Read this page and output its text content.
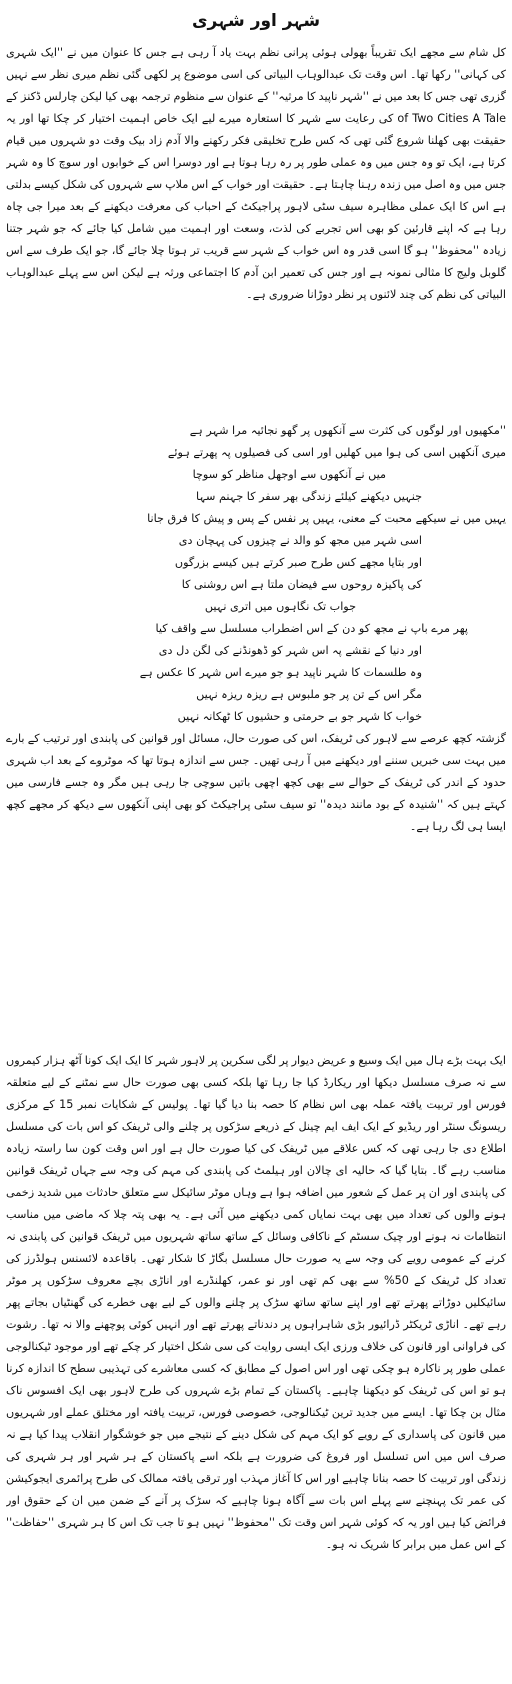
شہر اور شہری

کل شام سے مجھے ایک تقریباً بھولی ہوئی پرانی نظم بہت یاد آ رہی ہے جس کا عنوان میں نے ''ایک شہری کی کہانی'' رکھا تھا۔ اس وقت تک عبدالوہاب البیاتی کی اسی موضوع پر لکھی گئی نظم میری نظر سے نہیں گزری تھی جس کا بعد میں نے ''شہر ناپید کا مرثیہ'' کے عنوان سے منظوم ترجمہ بھی کیا لیکن چارلس ڈکنز کے of Two Cities A Tale کی رعایت سے شہر کا استعارہ میرے لیے ایک خاص اہمیت اختیار کر چکا تھا اور یہ حقیقت بھی کھلنا شروع گئی تھی کہ کس طرح تخلیقی فکر رکھنے والا آدم زاد بیک وقت دو شہروں میں قیام کرتا ہے، ایک تو وہ جس میں وہ عملی طور پر رہ رہا ہوتا ہے اور دوسرا اس کے خوابوں اور سوچ کا وہ شہر جس میں وہ اصل میں زندہ رہنا چاہتا ہے۔ حقیقت اور خواب کے اس ملاپ سے شہروں کی شکل کیسے بدلتی ہے اس کا ایک عملی مظاہرہ سیف سٹی لاہور پراجیکٹ کے احباب کی معرفت دیکھنے کے بعد میرا جی چاہ رہا ہے کہ اپنے قارئین کو بھی اس تجربے کی لذت، وسعت اور اہمیت میں شامل کیا جائے کہ جو شہر جتنا زیادہ ''محفوظ'' ہو گا اسی قدر وہ اس خواب کے شہر سے قریب تر ہوتا چلا جائے گا، جو ایک طرف سے اس گلوبل ولیج کا مثالی نمونہ ہے اور جس کی تعمیر ابن آدم کا اجتماعی ورثہ ہے لیکن اس سے پہلے عبدالوہاب البیاتی کی نظم کی چند لائنوں پر نظر دوڑانا ضروری ہے۔

''مکھیوں اور لوگوں کی کثرت سے آنکھوں پر گھو نجائیہ مرا شہر ہے

میری آنکھیں اسی کی ہوا میں کھلیں اور اسی کی فصیلوں پہ پھرتے ہوئے

میں نے آنکھوں سے اوجھل مناظر کو سوچا

جنہیں دیکھنے کیلئے زندگی بھر سفر کا جہنم سہا

یہیں میں نے سیکھے محبت کے معنی، یہیں پر نفس کے پس و پیش کا فرق جانا

اسی شہر میں مجھ کو والد نے چیزوں کی پہچان دی

اور بتایا مجھے کس طرح صبر کرتے ہیں کیسے بزرگوں

کی پاکیزہ روحوں سے فیضان ملتا ہے اس روشنی کا

جواب تک نگاہوں میں اتری نہیں

پھر مرے باپ نے مجھ کو دن کے اس اضطراب مسلسل سے واقف کیا

اور دنیا کے نقشے پہ اس شہر کو ڈھونڈنے کی لگن دل دی

وہ طلسمات کا شہر ناپید ہو جو میرے اس شہر کا عکس ہے

مگر اس کے تن پر جو ملبوس ہے ریزہ ریزہ نہیں

خواب کا شہر جو بے حرمتی و حشیوں کا ٹھکانہ نہیں

گزشتہ کچھ عرصے سے لاہور کی ٹریفک، اس کی صورت حال، مسائل اور قوانین کی پابندی اور ترتیب کے بارے میں بہت سی خبریں سننے اور دیکھنے میں آ رہی تھیں۔ جس سے اندازہ ہوتا تھا کہ موٹروے کے بعد اب شہری حدود کے اندر کی ٹریفک کے حوالے سے بھی کچھ اچھی باتیں سوچی جا رہی ہیں مگر وہ جسے فارسی میں کہتے ہیں کہ ''شنیدہ کے بود مانند دیدہ'' تو سیف سٹی پراجیکٹ کو بھی اپنی آنکھوں سے دیکھ کر مجھے کچھ ایسا ہی لگ رہا ہے۔

ایک بہت بڑے ہال میں ایک وسیع و عریض دیوار پر لگی سکرین پر لاہور شہر کا ایک ایک کونا آٹھ ہزار کیمروں سے نہ صرف مسلسل دیکھا اور ریکارڈ کیا جا رہا تھا بلکہ کسی بھی صورت حال سے نمٹنے کے لیے متعلقہ فورس اور تربیت یافتہ عملہ بھی اس نظام کا حصہ بنا دیا گیا تھا۔ پولیس کے شکایات نمبر 15 کے مرکزی ریسونگ سنٹر اور ریڈیو کے ایک ایف ایم چینل کے ذریعے سڑکوں پر چلنے والی ٹریفک کو اس بات کی مسلسل اطلاع دی جا رہی تھی کہ کس علاقے میں ٹریفک کی کیا صورت حال ہے اور اس وقت کون سا راستہ زیادہ مناسب رہے گا۔ بتایا گیا کہ حالیہ ای چالان اور ہیلمٹ کی پابندی کی مہم کی وجہ سے جہاں ٹریفک قوانین کی پابندی اور ان پر عمل کے شعور میں اضافہ ہوا ہے وہاں موٹر سائیکل سے متعلق حادثات میں شدید زخمی ہونے والوں کی تعداد میں بھی بہت نمایاں کمی دیکھنے میں آئی ہے۔ یہ بھی پتہ چلا کہ ماضی میں مناسب انتظامات نہ ہونے اور چیک سسٹم کے ناکافی وسائل کے ساتھ ساتھ شہریوں میں ٹریفک قوانین کی پابندی نہ کرنے کے عمومی رویے کی وجہ سے یہ صورت حال مسلسل بگاڑ کا شکار تھی۔ باقاعدہ لائسنس ہولڈرز کی تعداد کل ٹریفک کے 50% سے بھی کم تھی اور نو عمر، کھلنڈرے اور اناڑی بچے معروف سڑکوں پر موٹر سائیکلیں دوڑاتے پھرتے تھے اور اپنے ساتھ ساتھ سڑک پر چلنے والوں کے لیے بھی خطرے کی گھنٹیاں بجاتے پھر رہے تھے۔ اناڑی ٹریکٹر ڈرائیور بڑی شاہراہوں پر دندناتے پھرتے تھے اور انہیں کوئی پوچھنے والا نہ تھا۔ رشوت کی فراوانی اور قانون کی خلاف ورزی ایک ایسی روایت کی سی شکل اختیار کر چکے تھے اور موجود ٹیکنالوجی عملی طور پر ناکارہ ہو چکی تھی اور اس اصول کے مطابق کہ کسی معاشرے کی تہذیبی سطح کا اندازہ کرنا ہو تو اس کی ٹریفک کو دیکھنا چاہیے۔ پاکستان کے تمام بڑے شہروں کی طرح لاہور بھی ایک افسوس ناک مثال بن چکا تھا۔ ایسے میں جدید ترین ٹیکنالوجی، خصوصی فورس، تربیت یافتہ اور مختلق عملے اور شہریوں میں قانون کی پاسداری کے رویے کو ایک مہم کی شکل دینے کے نتیجے میں جو خوشگوار انقلاب پیدا کیا ہے نہ صرف اس میں اس تسلسل اور فروغ کی ضرورت ہے بلکہ اسے پاکستان کے ہر شہر اور ہر شہری کی زندگی اور تربیت کا حصہ بنانا چاہیے اور اس کا آغاز مہذب اور ترقی یافتہ ممالک کی طرح پرائمری ایجوکیشن کی عمر تک پہنچنے سے پہلے اس بات سے آگاہ ہونا چاہیے کہ سڑک پر آنے کے ضمن میں ان کے حقوق اور فرائض کیا ہیں اور یہ کہ کوئی شہر اس وقت تک ''محفوظ'' نہیں ہو تا جب تک اس کا ہر شہری ''حفاظت'' کے اس عمل میں برابر کا شریک نہ ہو۔
